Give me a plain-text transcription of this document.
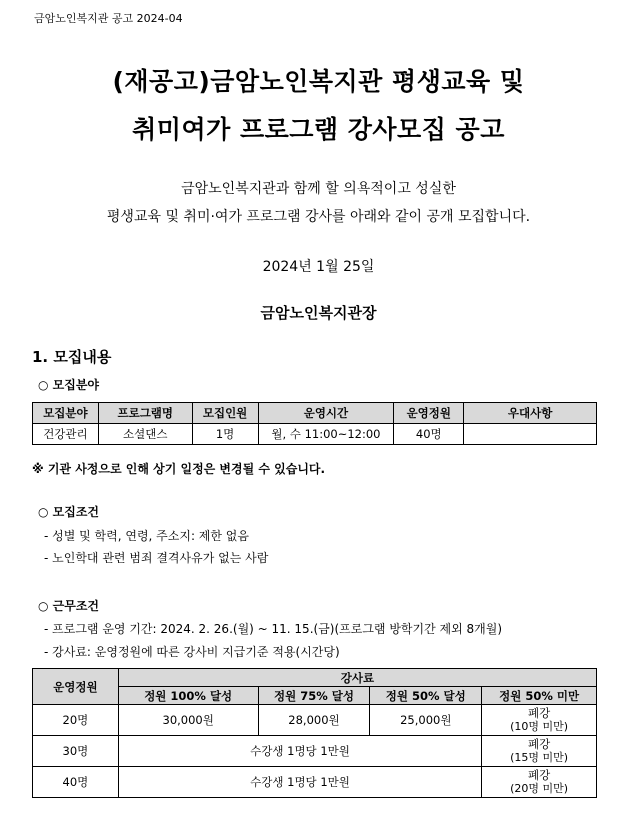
금암노인복지관 공고 2024-04
(재공고)금암노인복지관 평생교육 및
취미여가 프로그램 강사모집 공고
금암노인복지관과 함께 할 의욕적이고 성실한
평생교육 및 취미·여가 프로그램 강사를 아래와 같이 공개 모집합니다.
2024년 1월 25일
금암노인복지관장
1. 모집내용
○ 모집분야
모집분야	프로그램명	모집인원	운영시간	운영정원	우대사항
건강관리	소셜댄스	1명	월, 수 11:00~12:00	40명	
※ 기관 사정으로 인해 상기 일정은 변경될 수 있습니다.
○ 모집조건
- 성별 및 학력, 연령, 주소지: 제한 없음
- 노인학대 관련 범죄 결격사유가 없는 사람
○ 근무조건
- 프로그램 운영 기간: 2024. 2. 26.(월) ~ 11. 15.(금)(프로그램 방학기간 제외 8개월)
- 강사료: 운영정원에 따른 강사비 지급기준 적용(시간당)
운영정원	강사료			
	정원 100% 달성	정원 75% 달성	정원 50% 달성	정원 50% 미만
20명	30,000원	28,000원	25,000원	폐강
(10명 미만)

30명	수강생 1명당 1만원			폐강
(15명 미만)

40명	수강생 1명당 1만원			폐강
(20명 미만)
